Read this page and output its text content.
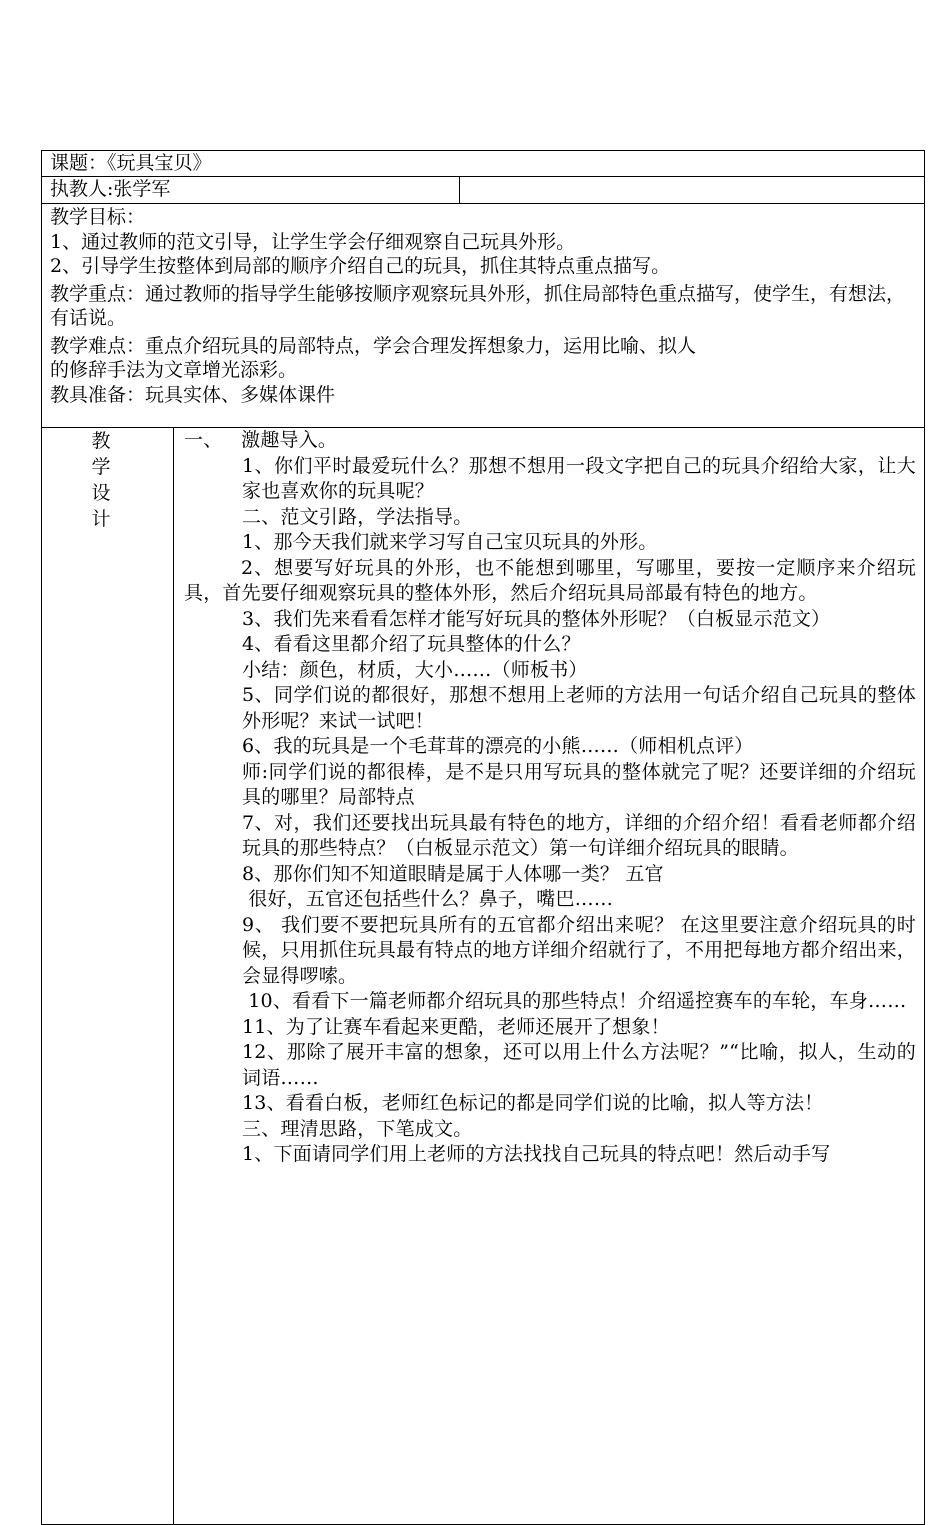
课题：《玩具宝贝》
执教人:张学军

教学目标：

1、通过教师的范文引导，让学生学会仔细观察自己玩具外形。

2、引导学生按整体到局部的顺序介绍自己的玩具，抓住其特点重点描写。

教学重点：通过教师的指导学生能够按顺序观察玩具外形，抓住局部特色重点描写，使学生，有想法，有话说。

教学难点：重点介绍玩具的局部特点，学会合理发挥想象力，运用比喻、拟人

的修辞手法为文章增光添彩。

教具准备：玩具实体、多媒体课件

教
学
设
计

一、   激趣导入。

1、你们平时最爱玩什么？那想不想用一段文字把自己的玩具介绍给大家，让大家也喜欢你的玩具呢？

二、范文引路，学法指导。

1、那今天我们就来学习写自己宝贝玩具的外形。

2、想要写好玩具的外形，也不能想到哪里，写哪里，要按一定顺序来介绍玩具，首先要仔细观察玩具的整体外形，然后介绍玩具局部最有特色的地方。

3、我们先来看看怎样才能写好玩具的整体外形呢？（白板显示范文）

4、看看这里都介绍了玩具整体的什么？

小结：颜色，材质，大小……（师板书）

5、同学们说的都很好，那想不想用上老师的方法用一句话介绍自己玩具的整体外形呢？来试一试吧！

6、我的玩具是一个毛茸茸的漂亮的小熊……（师相机点评）

师:同学们说的都很棒，是不是只用写玩具的整体就完了呢？还要详细的介绍玩具的哪里？局部特点

7、对，我们还要找出玩具最有特色的地方，详细的介绍介绍！看看老师都介绍玩具的那些特点？（白板显示范文）第一句详细介绍玩具的眼睛。

8、那你们知不知道眼睛是属于人体哪一类？ 五官

很好，五官还包括些什么？鼻子，嘴巴……

9、 我们要不要把玩具所有的五官都介绍出来呢？ 在这里要注意介绍玩具的时候，只用抓住玩具最有特点的地方详细介绍就行了，不用把每地方都介绍出来，会显得啰嗦。

10、看看下一篇老师都介绍玩具的那些特点！介绍遥控赛车的车轮，车身……

11、为了让赛车看起来更酷，老师还展开了想象！

12、那除了展开丰富的想象，还可以用上什么方法呢？”“比喻，拟人，生动的词语……

13、看看白板，老师红色标记的都是同学们说的比喻，拟人等方法！

三、理清思路，下笔成文。

1、下面请同学们用上老师的方法找找自己玩具的特点吧！然后动手写
